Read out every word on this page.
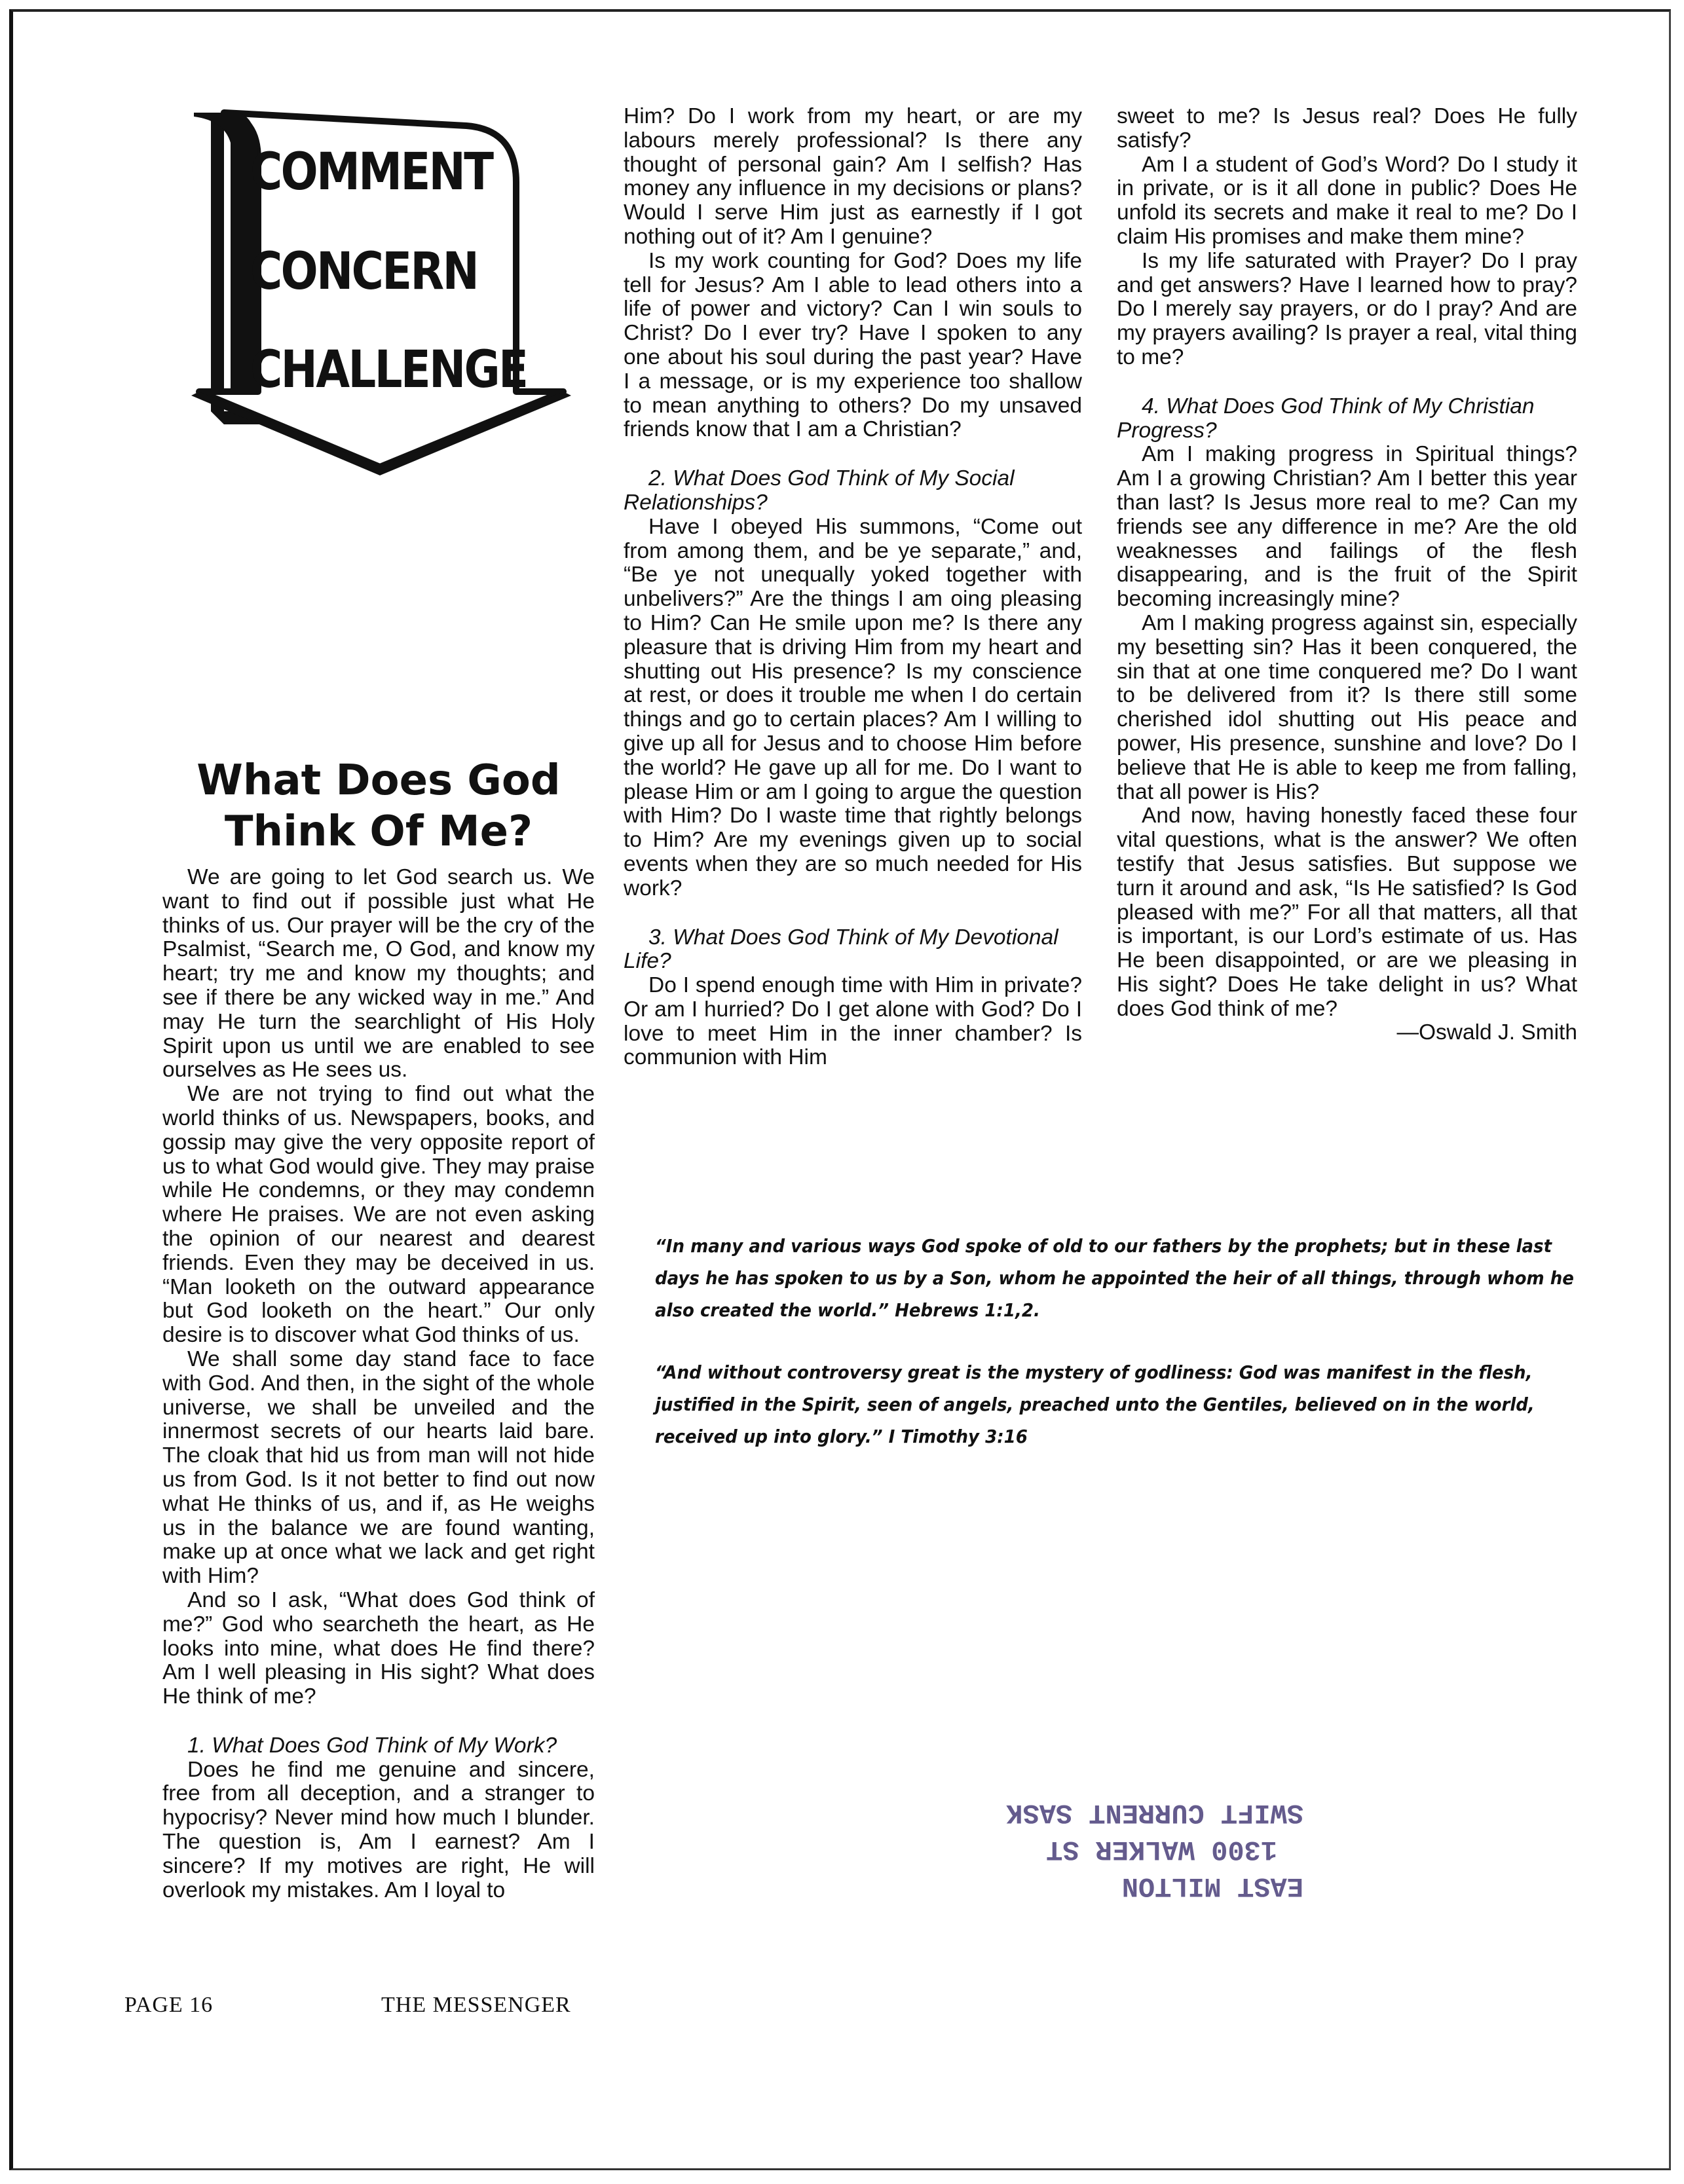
COMMENT
CONCERN
CHALLENGE
What Does God Think Of Me?

We are going to let God search us. We want to find out if possible just what He thinks of us. Our prayer will be the cry of the Psalmist, “Search me, O God, and know my heart; try me and know my thoughts; and see if there be any wicked way in me.” And may He turn the searchlight of His Holy Spirit upon us until we are enabled to see ourselves as He sees us.

We are not trying to find out what the world thinks of us. Newspapers, books, and gossip may give the very opposite report of us to what God would give. They may praise while He condemns, or they may condemn where He praises. We are not even asking the opinion of our nearest and dearest friends. Even they may be deceived in us. “Man looketh on the outward appearance but God looketh on the heart.” Our only desire is to discover what God thinks of us.

We shall some day stand face to face with God. And then, in the sight of the whole universe, we shall be unveiled and the innermost secrets of our hearts laid bare. The cloak that hid us from man will not hide us from God. Is it not better to find out now what He thinks of us, and if, as He weighs us in the balance we are found wanting, make up at once what we lack and get right with Him?

And so I ask, “What does God think of me?” God who searcheth the heart, as He looks into mine, what does He find there? Am I well pleasing in His sight? What does He think of me?

1. What Does God Think of My Work?

Does he find me genuine and sincere, free from all deception, and a stranger to hypocrisy? Never mind how much I blunder. The question is, Am I earnest? Am I sincere? If my motives are right, He will overlook my mistakes. Am I loyal to

Him? Do I work from my heart, or are my labours merely professional? Is there any thought of personal gain? Am I selfish? Has money any influence in my decisions or plans? Would I serve Him just as earnestly if I got nothing out of it? Am I genuine?

Is my work counting for God? Does my life tell for Jesus? Am I able to lead others into a life of power and victory? Can I win souls to Christ? Do I ever try? Have I spoken to any one about his soul during the past year? Have I a message, or is my experience too shallow to mean anything to others? Do my unsaved friends know that I am a Christian?

2. What Does God Think of My Social Relationships?

Have I obeyed His summons, “Come out from among them, and be ye separate,” and, “Be ye not unequally yoked together with unbelivers?” Are the things I am oing pleasing to Him? Can He smile upon me? Is there any pleasure that is driving Him from my heart and shutting out His presence? Is my conscience at rest, or does it trouble me when I do certain things and go to certain places? Am I willing to give up all for Jesus and to choose Him before the world? He gave up all for me. Do I want to please Him or am I going to argue the question with Him? Do I waste time that rightly belongs to Him? Are my evenings given up to social events when they are so much needed for His work?

3. What Does God Think of My Devotional Life?

Do I spend enough time with Him in private? Or am I hurried? Do I get alone with God? Do I love to meet Him in the inner chamber? Is communion with Him

sweet to me? Is Jesus real? Does He fully satisfy?

Am I a student of God’s Word? Do I study it in private, or is it all done in public? Does He unfold its secrets and make it real to me? Do I claim His promises and make them mine?

Is my life saturated with Prayer? Do I pray and get answers? Have I learned how to pray? Do I merely say prayers, or do I pray? And are my prayers availing? Is prayer a real, vital thing to me?

4. What Does God Think of My Christian Progress?

Am I making progress in Spiritual things? Am I a growing Christian? Am I better this year than last? Is Jesus more real to me? Can my friends see any difference in me? Are the old weaknesses and failings of the flesh disappearing, and is the fruit of the Spirit becoming increasingly mine?

Am I making progress against sin, especially my besetting sin? Has it been conquered, the sin that at one time conquered me? Do I want to be delivered from it? Is there still some cherished idol shutting out His peace and power, His presence, sunshine and love? Do I believe that He is able to keep me from falling, that all power is His?

And now, having honestly faced these four vital questions, what is the answer? We often testify that Jesus satisfies. But suppose we turn it around and ask, “Is He satisfied? Is God pleased with me?” For all that matters, all that is important, is our Lord’s estimate of us. Has He been disappointed, or are we pleasing in His sight? Does He take delight in us? What does God think of me?

—Oswald J. Smith

“In many and various ways God spoke of old to our fathers by the prophets; but in these last days he has spoken to us by a Son, whom he appointed the heir of all things, through whom he also created the world.” Hebrews 1:1,2.

“And without controversy great is the mystery of godliness: God was manifest in the flesh, justified in the Spirit, seen of angels, preached unto the Gentiles, believed on in the world, received up into glory.” I Timothy 3:16

EAST MILTON
1300 WALKER ST
SWIFT CURRENT SASK
PAGE 16	THE MESSENGER
